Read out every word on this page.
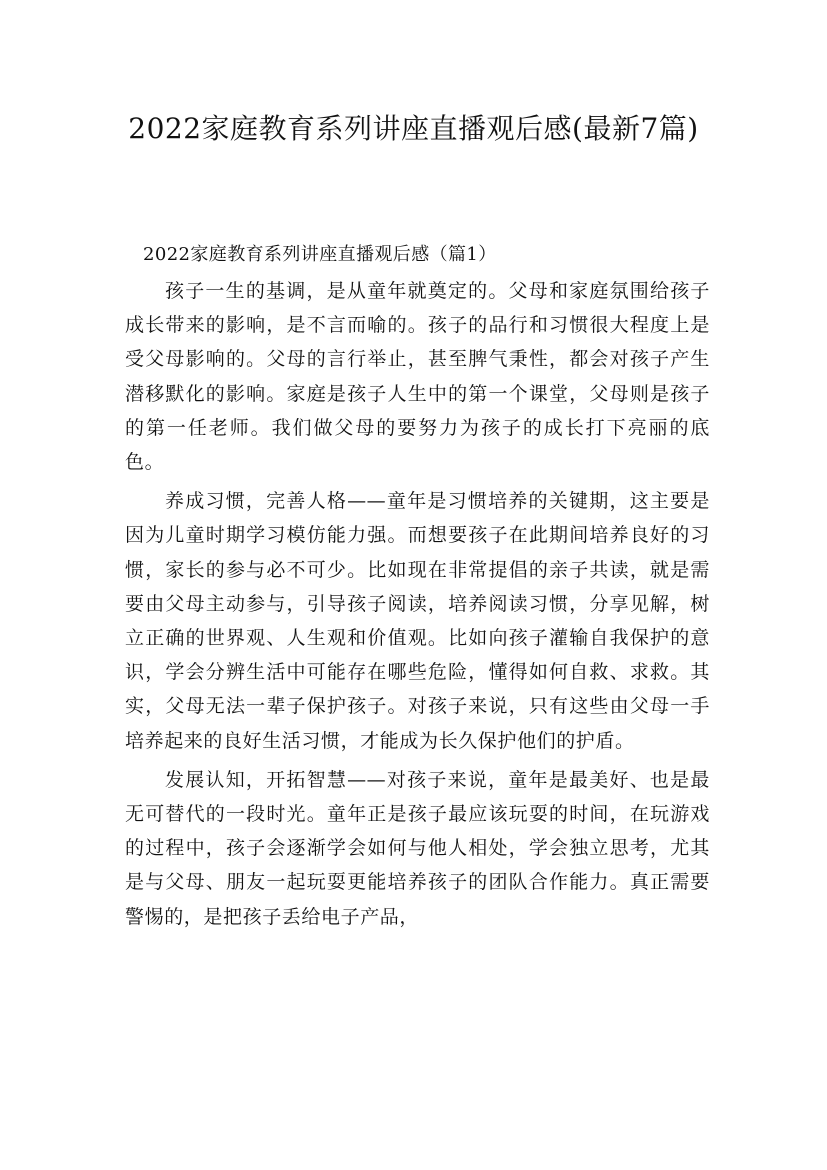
2022家庭教育系列讲座直播观后感(最新7篇)

2022家庭教育系列讲座直播观后感（篇1）

孩子一生的基调，是从童年就奠定的。父母和家庭氛围给孩子成长带来的影响，是不言而喻的。孩子的品行和习惯很大程度上是受父母影响的。父母的言行举止，甚至脾气秉性，都会对孩子产生潜移默化的影响。家庭是孩子人生中的第一个课堂，父母则是孩子的第一任老师。我们做父母的要努力为孩子的成长打下亮丽的底色。

养成习惯，完善人格——童年是习惯培养的关键期，这主要是因为儿童时期学习模仿能力强。而想要孩子在此期间培养良好的习惯，家长的参与必不可少。比如现在非常提倡的亲子共读，就是需要由父母主动参与，引导孩子阅读，培养阅读习惯，分享见解，树立正确的世界观、人生观和价值观。比如向孩子灌输自我保护的意识，学会分辨生活中可能存在哪些危险，懂得如何自救、求救。其实，父母无法一辈子保护孩子。对孩子来说，只有这些由父母一手培养起来的良好生活习惯，才能成为长久保护他们的护盾。

发展认知，开拓智慧——对孩子来说，童年是最美好、也是最无可替代的一段时光。童年正是孩子最应该玩耍的时间，在玩游戏的过程中，孩子会逐渐学会如何与他人相处，学会独立思考，尤其是与父母、朋友一起玩耍更能培养孩子的团队合作能力。真正需要警惕的，是把孩子丢给电子产品，
